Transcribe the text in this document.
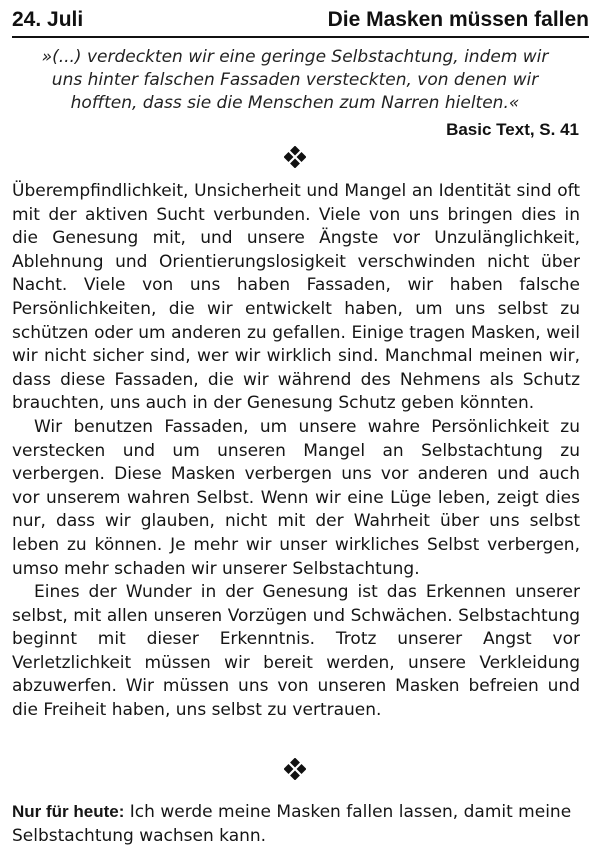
24. Juli	Die Masken müssen fallen
»(...) verdeckten wir eine geringe Selbstachtung, indem wir uns hinter falschen Fassaden versteckten, von denen wir hofften, dass sie die Menschen zum Narren hielten.«
Basic Text, S. 41

Überempfindlichkeit, Unsicherheit und Mangel an Identität sind oft mit der aktiven Sucht verbunden. Viele von uns bringen dies in die Genesung mit, und unsere Ängste vor Unzulänglichkeit, Ablehnung und Orientierungslosigkeit verschwinden nicht über Nacht. Viele von uns haben Fassaden, wir haben falsche Persönlichkeiten, die wir entwickelt haben, um uns selbst zu schützen oder um anderen zu gefallen. Einige tragen Masken, weil wir nicht sicher sind, wer wir wirklich sind. Manchmal meinen wir, dass diese Fassaden, die wir während des Nehmens als Schutz brauchten, uns auch in der Genesung Schutz geben könnten.

Wir benutzen Fassaden, um unsere wahre Persönlichkeit zu verstecken und um unseren Mangel an Selbstachtung zu verbergen. Diese Masken verbergen uns vor anderen und auch vor unserem wahren Selbst. Wenn wir eine Lüge leben, zeigt dies nur, dass wir glauben, nicht mit der Wahrheit über uns selbst leben zu können. Je mehr wir unser wirkliches Selbst verbergen, umso mehr schaden wir unserer Selbstachtung.

Eines der Wunder in der Genesung ist das Erkennen unserer selbst, mit allen unseren Vorzügen und Schwächen. Selbstachtung beginnt mit dieser Erkenntnis. Trotz unserer Angst vor Verletzlichkeit müssen wir bereit werden, unsere Verkleidung abzuwerfen. Wir müssen uns von unseren Masken befreien und die Freiheit haben, uns selbst zu vertrauen.

Nur für heute: Ich werde meine Masken fallen lassen, damit meine Selbstachtung wachsen kann.
